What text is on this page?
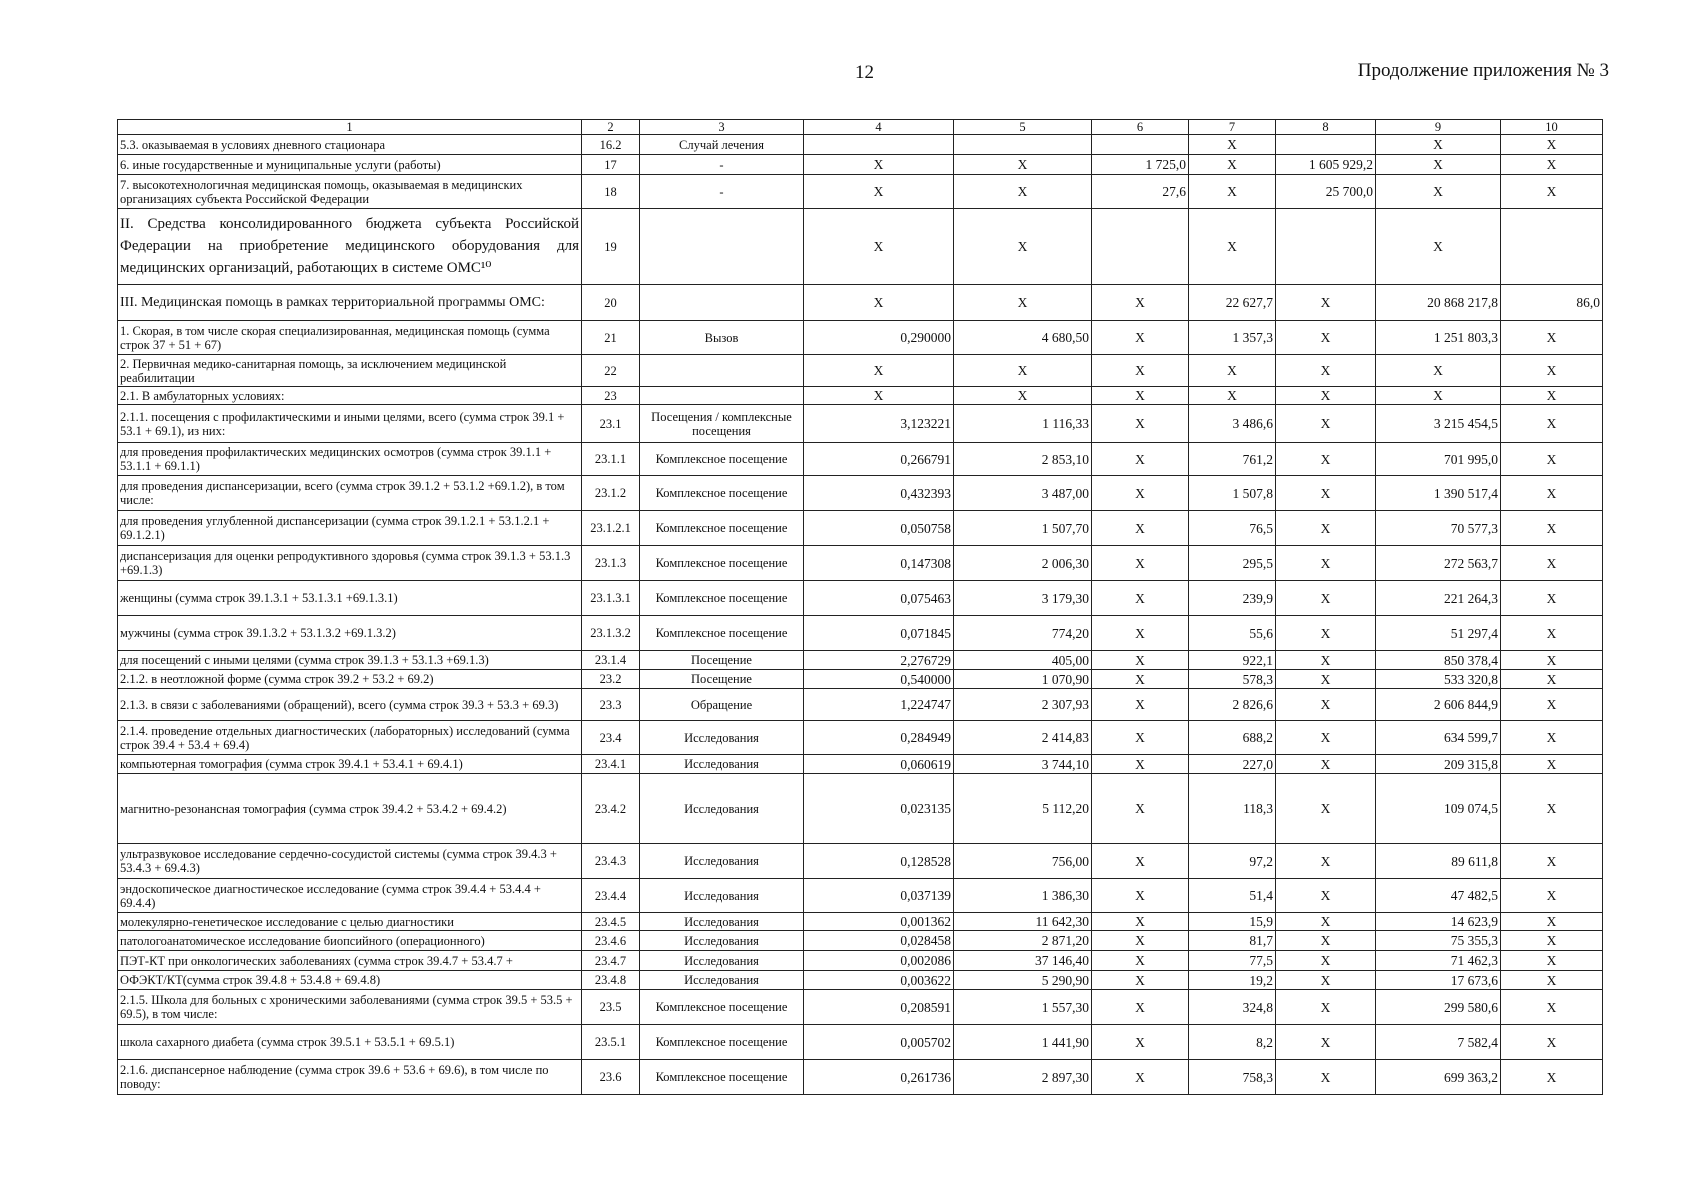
12	Продолжение приложения № 3
1	2	3	4	5	6	7	8	9	10
5.3. оказываемая в условиях дневного стационара	16.2	Случай лечения				X		X	X
6. иные государственные и муниципальные услуги (работы)	17	-	X	X	1 725,0	X	1 605 929,2	X	X
7. высокотехнологичная медицинская помощь, оказываемая в медицинских организациях субъекта Российской Федерации	18	-	X	X	27,6	X	25 700,0	X	X
II. Средства консолидированного бюджета субъекта Российской Федерации на приобретение медицинского оборудования для медицинских организаций, работающих в системе ОМС¹⁰	19		X	X		X		X	
III. Медицинская помощь в рамках территориальной программы ОМС:	20		X	X	X	22 627,7	X	20 868 217,8	86,0
1. Скорая, в том числе скорая специализированная, медицинская помощь (сумма строк 37 + 51 + 67)	21	Вызов	0,290000	4 680,50	X	1 357,3	X	1 251 803,3	X
2. Первичная медико-санитарная помощь, за исключением медицинской реабилитации	22		X	X	X	X	X	X	X
2.1. В амбулаторных условиях:	23		X	X	X	X	X	X	X
2.1.1. посещения с профилактическими и иными целями, всего (сумма строк 39.1 + 53.1 + 69.1), из них:	23.1	Посещения / комплексные посещения	3,123221	1 116,33	X	3 486,6	X	3 215 454,5	X
для проведения профилактических медицинских осмотров (сумма строк 39.1.1 + 53.1.1 + 69.1.1)	23.1.1	Комплексное посещение	0,266791	2 853,10	X	761,2	X	701 995,0	X
для проведения диспансеризации, всего (сумма строк 39.1.2 + 53.1.2 +69.1.2), в том числе:	23.1.2	Комплексное посещение	0,432393	3 487,00	X	1 507,8	X	1 390 517,4	X
для проведения углубленной диспансеризации (сумма строк 39.1.2.1 + 53.1.2.1 + 69.1.2.1)	23.1.2.1	Комплексное посещение	0,050758	1 507,70	X	76,5	X	70 577,3	X
диспансеризация для оценки репродуктивного здоровья (сумма строк 39.1.3 + 53.1.3 +69.1.3)	23.1.3	Комплексное посещение	0,147308	2 006,30	X	295,5	X	272 563,7	X
женщины (сумма строк 39.1.3.1 + 53.1.3.1 +69.1.3.1)	23.1.3.1	Комплексное посещение	0,075463	3 179,30	X	239,9	X	221 264,3	X
мужчины (сумма строк 39.1.3.2 + 53.1.3.2 +69.1.3.2)	23.1.3.2	Комплексное посещение	0,071845	774,20	X	55,6	X	51 297,4	X
для посещений с иными целями (сумма строк 39.1.3 + 53.1.3 +69.1.3)	23.1.4	Посещение	2,276729	405,00	X	922,1	X	850 378,4	X
2.1.2. в неотложной форме (сумма строк 39.2 + 53.2 + 69.2)	23.2	Посещение	0,540000	1 070,90	X	578,3	X	533 320,8	X
2.1.3. в связи с заболеваниями (обращений), всего (сумма строк 39.3 + 53.3 + 69.3)	23.3	Обращение	1,224747	2 307,93	X	2 826,6	X	2 606 844,9	X
2.1.4. проведение отдельных диагностических (лабораторных) исследований (сумма строк 39.4 + 53.4 + 69.4)	23.4	Исследования	0,284949	2 414,83	X	688,2	X	634 599,7	X
компьютерная томография (сумма строк 39.4.1 + 53.4.1 + 69.4.1)	23.4.1	Исследования	0,060619	3 744,10	X	227,0	X	209 315,8	X
магнитно-резонансная томография (сумма строк 39.4.2 + 53.4.2 + 69.4.2)	23.4.2	Исследования	0,023135	5 112,20	X	118,3	X	109 074,5	X
ультразвуковое исследование сердечно-сосудистой системы (сумма строк 39.4.3 + 53.4.3 + 69.4.3)	23.4.3	Исследования	0,128528	756,00	X	97,2	X	89 611,8	X
эндоскопическое диагностическое исследование (сумма строк 39.4.4 + 53.4.4 + 69.4.4)	23.4.4	Исследования	0,037139	1 386,30	X	51,4	X	47 482,5	X
молекулярно-генетическое исследование с целью диагностики	23.4.5	Исследования	0,001362	11 642,30	X	15,9	X	14 623,9	X
патологоанатомическое исследование биопсийного (операционного)	23.4.6	Исследования	0,028458	2 871,20	X	81,7	X	75 355,3	X
ПЭТ-КТ при онкологических заболеваниях (сумма строк 39.4.7 + 53.4.7 +	23.4.7	Исследования	0,002086	37 146,40	X	77,5	X	71 462,3	X
ОФЭКТ/КТ(сумма строк 39.4.8 + 53.4.8 + 69.4.8)	23.4.8	Исследования	0,003622	5 290,90	X	19,2	X	17 673,6	X
2.1.5. Школа для больных с хроническими заболеваниями (сумма строк 39.5 + 53.5 + 69.5), в том числе:	23.5	Комплексное посещение	0,208591	1 557,30	X	324,8	X	299 580,6	X
школа сахарного диабета (сумма строк 39.5.1 + 53.5.1 + 69.5.1)	23.5.1	Комплексное посещение	0,005702	1 441,90	X	8,2	X	7 582,4	X
2.1.6. диспансерное наблюдение (сумма строк 39.6 + 53.6 + 69.6), в том числе по поводу:	23.6	Комплексное посещение	0,261736	2 897,30	X	758,3	X	699 363,2	X
